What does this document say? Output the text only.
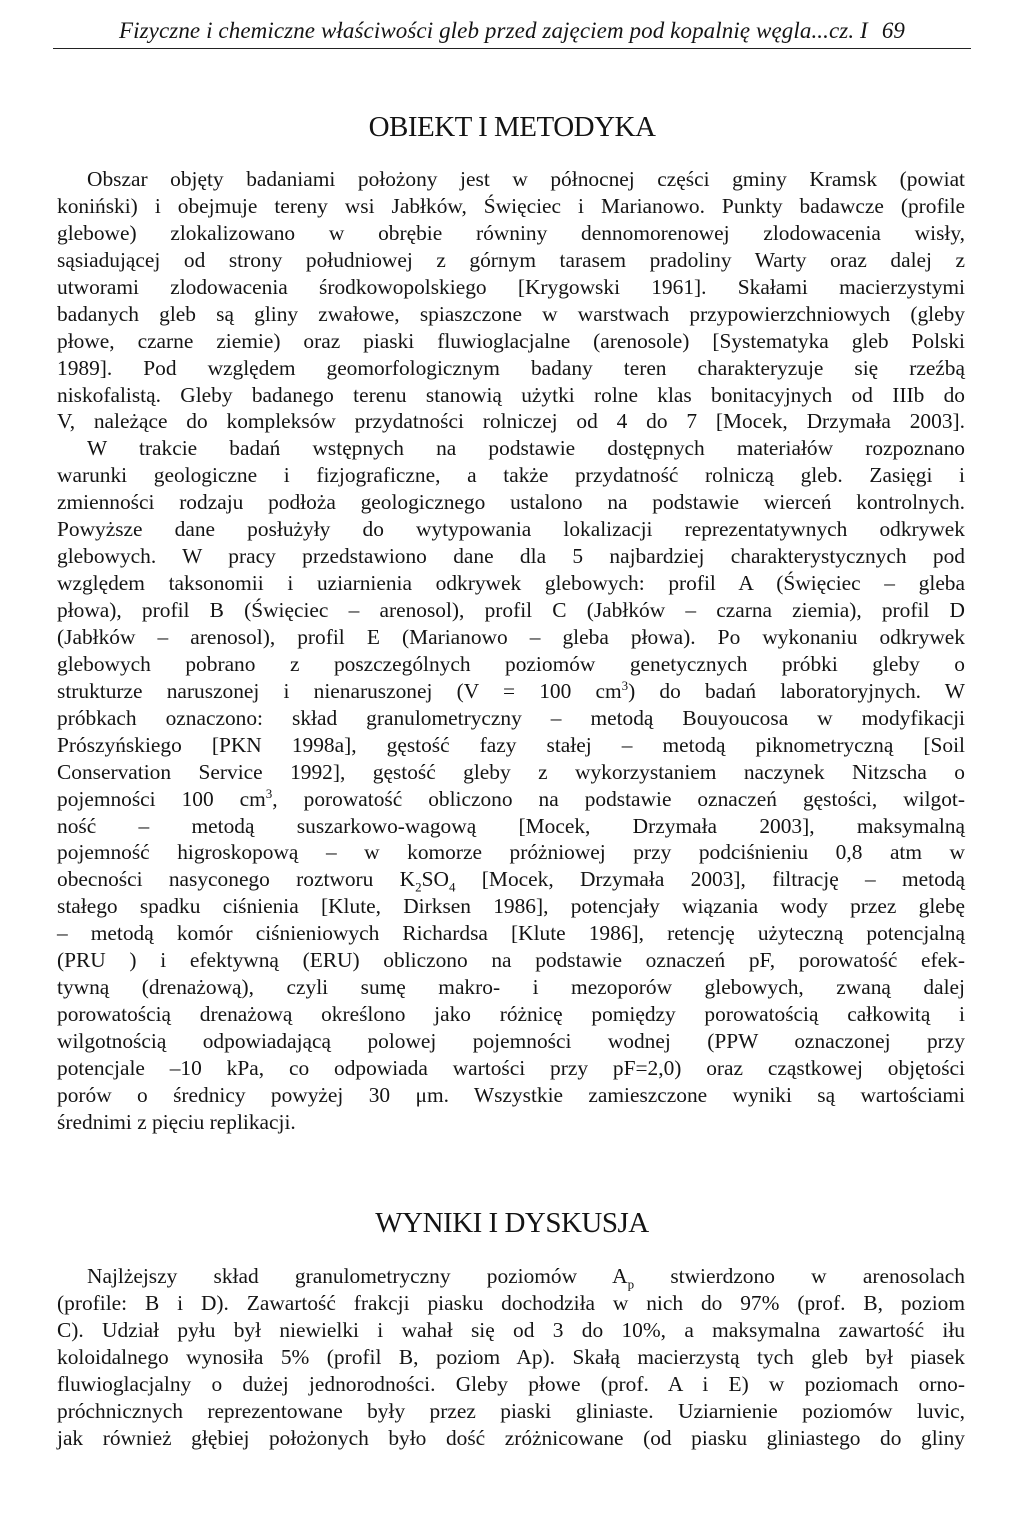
Fizyczne i chemiczne właściwości gleb przed zajęciem pod kopalnię węgla...cz. I 69
OBIEKT I METODYKA
Obszar objęty badaniami położony jest w północnej części gminy Kramsk (powiat
koniński) i obejmuje tereny wsi Jabłków, Święciec i Marianowo. Punkty badawcze (profile
glebowe) zlokalizowano w obrębie równiny dennomorenowej zlodowacenia wisły,
sąsiadującej od strony południowej z górnym tarasem pradoliny Warty oraz dalej z
utworami zlodowacenia środkowopolskiego [Krygowski 1961]. Skałami macierzystymi
badanych gleb są gliny zwałowe, spiaszczone w warstwach przypowierzchniowych (gleby
płowe, czarne ziemie) oraz piaski fluwioglacjalne (arenosole) [Systematyka gleb Polski
1989]. Pod względem geomorfologicznym badany teren charakteryzuje się rzeźbą
niskofalistą. Gleby badanego terenu stanowią użytki rolne klas bonitacyjnych od IIIb do
V, należące do kompleksów przydatności rolniczej od 4 do 7 [Mocek, Drzymała 2003].
W trakcie badań wstępnych na podstawie dostępnych materiałów rozpoznano
warunki geologiczne i fizjograficzne, a także przydatność rolniczą gleb. Zasięgi i
zmienności rodzaju podłoża geologicznego ustalono na podstawie wierceń kontrolnych.
Powyższe dane posłużyły do wytypowania lokalizacji reprezentatywnych odkrywek
glebowych. W pracy przedstawiono dane dla 5 najbardziej charakterystycznych pod
względem taksonomii i uziarnienia odkrywek glebowych: profil A (Święciec – gleba
płowa), profil B (Święciec – arenosol), profil C (Jabłków – czarna ziemia), profil D
(Jabłków – arenosol), profil E (Marianowo – gleba płowa). Po wykonaniu odkrywek
glebowych pobrano z poszczególnych poziomów genetycznych próbki gleby o
strukturze naruszonej i nienaruszonej (V = 100 $cm^3$) do badań laboratoryjnych. W
próbkach oznaczono: skład granulometryczny – metodą Bouyoucosa w modyfikacji
Prószyńskiego [PKN 1998a], gęstość fazy stałej – metodą piknometryczną [Soil
Conservation Service 1992], gęstość gleby z wykorzystaniem naczynek Nitzscha o
pojemności 100 $cm^3$, porowatość obliczono na podstawie oznaczeń gęstości, wilgot-
ność – metodą suszarkowo-wagową [Mocek, Drzymała 2003], maksymalną
pojemność higroskopową – w komorze próżniowej przy podciśnieniu 0,8 atm w
obecności nasyconego roztworu $K_2SO_4$ [Mocek, Drzymała 2003], filtrację – metodą
stałego spadku ciśnienia [Klute, Dirksen 1986], potencjały wiązania wody przez glebę
– metodą komór ciśnieniowych Richardsa [Klute 1986], retencję użyteczną potencjalną
(PRU ) i efektywną (ERU) obliczono na podstawie oznaczeń pF, porowatość efek-
tywną (drenażową), czyli sumę makro- i mezoporów glebowych, zwaną dalej
porowatością drenażową określono jako różnicę pomiędzy porowatością całkowitą i
wilgotnością odpowiadającą polowej pojemności wodnej (PPW oznaczonej przy
potencjale –10 kPa, co odpowiada wartości przy pF=2,0) oraz cząstkowej objętości
porów o średnicy powyżej 30 μm. Wszystkie zamieszczone wyniki są wartościami
średnimi z pięciu replikacji.
WYNIKI I DYSKUSJA
Najlżejszy skład granulometryczny poziomów $A_p$ stwierdzono w arenosolach
(profile: B i D). Zawartość frakcji piasku dochodziła w nich do 97% (prof. B, poziom
C). Udział pyłu był niewielki i wahał się od 3 do 10%, a maksymalna zawartość iłu
koloidalnego wynosiła 5% (profil B, poziom Ap). Skałą macierzystą tych gleb był piasek
fluwioglacjalny o dużej jednorodności. Gleby płowe (prof. A i E) w poziomach orno-
próchnicznych reprezentowane były przez piaski gliniaste. Uziarnienie poziomów luvic,
jak również głębiej położonych było dość zróżnicowane (od piasku gliniastego do gliny
